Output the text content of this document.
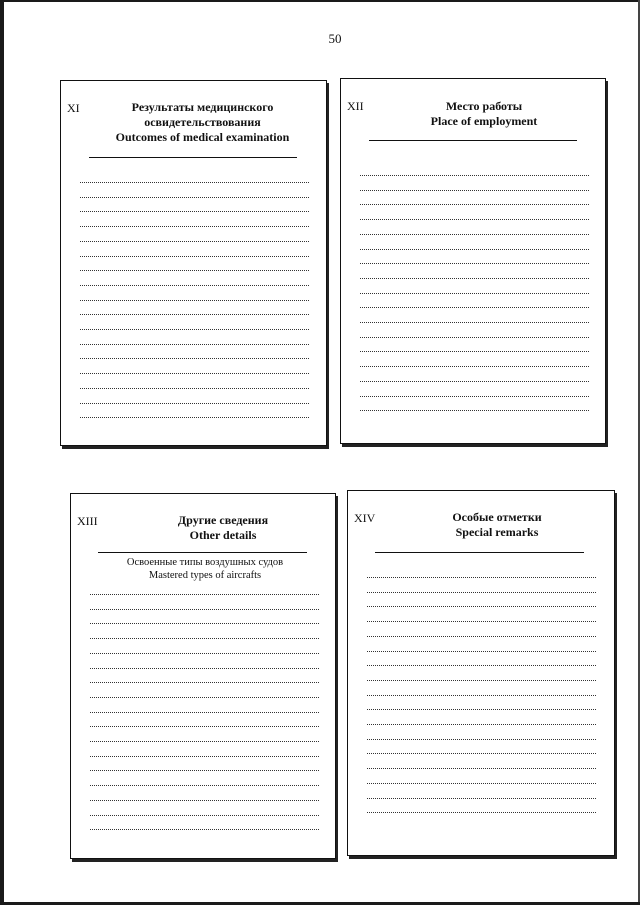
50
XI	Результаты медицинского
освидетельствования
Outcomes of medical examination
XII	Место работы
Place of employment
XIII	Другие сведения
Other details
Освоенные типы воздушных судов
Mastered types of aircrafts
XIV	Особые отметки
Special remarks
